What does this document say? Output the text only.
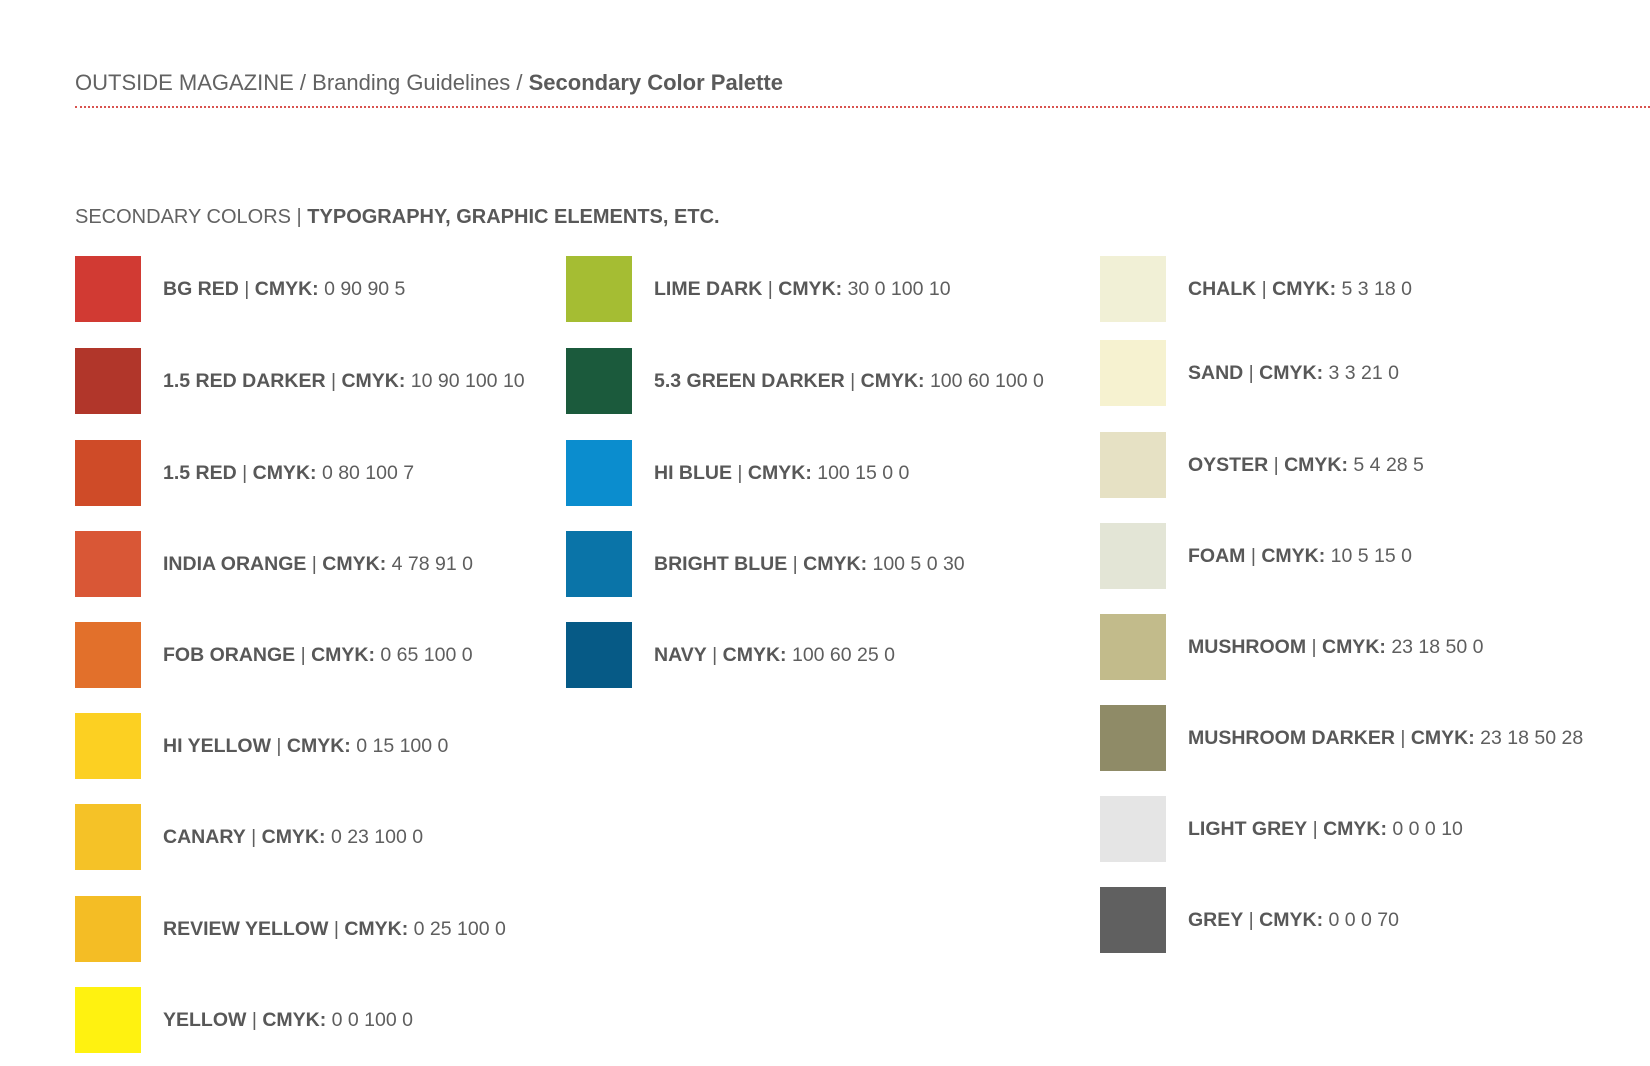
OUTSIDE MAGAZINE / Branding Guidelines / Secondary Color Palette
SECONDARY COLORS | TYPOGRAPHY, GRAPHIC ELEMENTS, ETC.
BG RED | CMYK: 0 90 90 5
1.5 RED DARKER | CMYK: 10 90 100 10
1.5 RED | CMYK: 0 80 100 7
INDIA ORANGE | CMYK: 4 78 91 0
FOB ORANGE | CMYK: 0 65 100 0
HI YELLOW | CMYK: 0 15 100 0
CANARY | CMYK: 0 23 100 0
REVIEW YELLOW | CMYK: 0 25 100 0
YELLOW | CMYK: 0 0 100 0
LIME DARK | CMYK: 30 0 100 10
5.3 GREEN DARKER | CMYK: 100 60 100 0
HI BLUE | CMYK: 100 15 0 0
BRIGHT BLUE | CMYK: 100 5 0 30
NAVY | CMYK: 100 60 25 0
CHALK | CMYK: 5 3 18 0
SAND | CMYK: 3 3 21 0
OYSTER | CMYK: 5 4 28 5
FOAM | CMYK: 10 5 15 0
MUSHROOM | CMYK: 23 18 50 0
MUSHROOM DARKER | CMYK: 23 18 50 28
LIGHT GREY | CMYK: 0 0 0 10
GREY | CMYK: 0 0 0 70
